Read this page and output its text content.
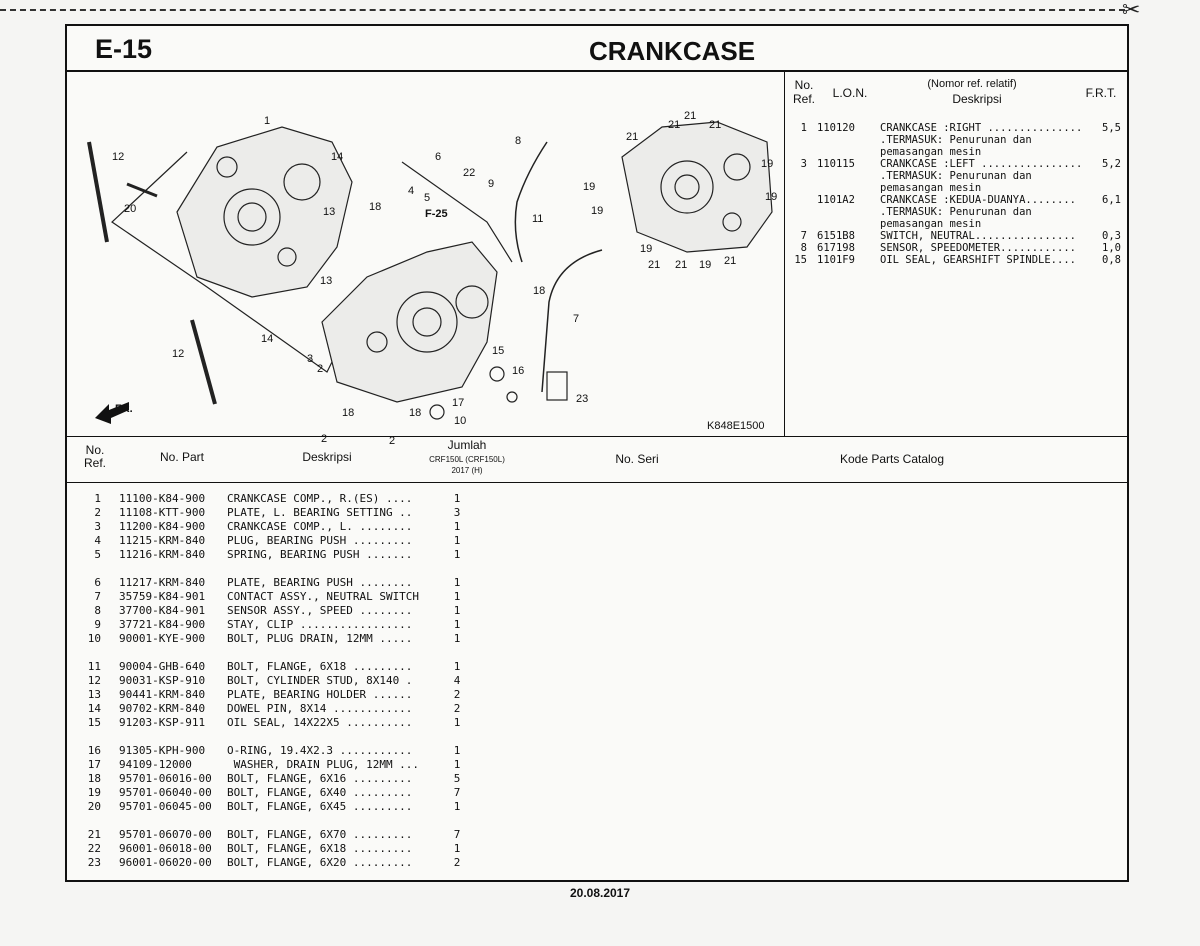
✂
E-15	CRANKCASE
FR.
1
2
2	2
3
4
5
6
7
8
9
10
11
12
12
13
13
14
14
15
16
17
18
18
18	18
19
19
19
19
19
19
20
21
21
21
21
21 21	21
22
23
F-25
K848E1500
No.
Ref.	L.O.N.
(Nomor ref. relatif)
Deskripsi	F.R.T.
1 110120	CRANKCASE :RIGHT ...............	5,5
.TERMASUK: Penurunan dan
pemasangan mesin
3 110115	CRANKCASE :LEFT ................	5,2
.TERMASUK: Penurunan dan
pemasangan mesin
1101A2	CRANKCASE :KEDUA-DUANYA........	6,1
.TERMASUK: Penurunan dan
pemasangan mesin
7 6151B8	SWITCH, NEUTRAL................	0,3
8 617198	SENSOR, SPEEDOMETER............	1,0
15 1101F9	OIL SEAL, GEARSHIFT SPINDLE....	0,8
No.
Ref.	No. Part	Deskripsi
Jumlah
CRF150L (CRF150L)
2017 (H)
No. Seri	Kode Parts Catalog
1 11100-K84-900	CRANKCASE COMP., R.(ES) ....	1
2 11108-KTT-900	PLATE, L. BEARING SETTING ..	3
3 11200-K84-900	CRANKCASE COMP., L. ........	1
4 11215-KRM-840	PLUG, BEARING PUSH .........	1
5 11216-KRM-840	SPRING, BEARING PUSH .......	1
6 11217-KRM-840	PLATE, BEARING PUSH ........	1
7 35759-K84-901	CONTACT ASSY., NEUTRAL SWITCH	1
8 37700-K84-901	SENSOR ASSY., SPEED ........	1
9 37721-K84-900	STAY, CLIP .................	1
10 90001-KYE-900	BOLT, PLUG DRAIN, 12MM .....	1
11 90004-GHB-640	BOLT, FLANGE, 6X18 .........	1
12 90031-KSP-910	BOLT, CYLINDER STUD, 8X140 .	4
13 90441-KRM-840	PLATE, BEARING HOLDER ......	2
14 90702-KRM-840	DOWEL PIN, 8X14 ............	2
15 91203-KSP-911	OIL SEAL, 14X22X5 ..........	1
16 91305-KPH-900	O-RING, 19.4X2.3 ...........	1
17 94109-12000	WASHER, DRAIN PLUG, 12MM ...	1
18 95701-06016-00	BOLT, FLANGE, 6X16 .........	5
19 95701-06040-00	BOLT, FLANGE, 6X40 .........	7
20 95701-06045-00	BOLT, FLANGE, 6X45 .........	1
21 95701-06070-00	BOLT, FLANGE, 6X70 .........	7
22 96001-06018-00	BOLT, FLANGE, 6X18 .........	1
23 96001-06020-00	BOLT, FLANGE, 6X20 .........	2
20.08.2017
